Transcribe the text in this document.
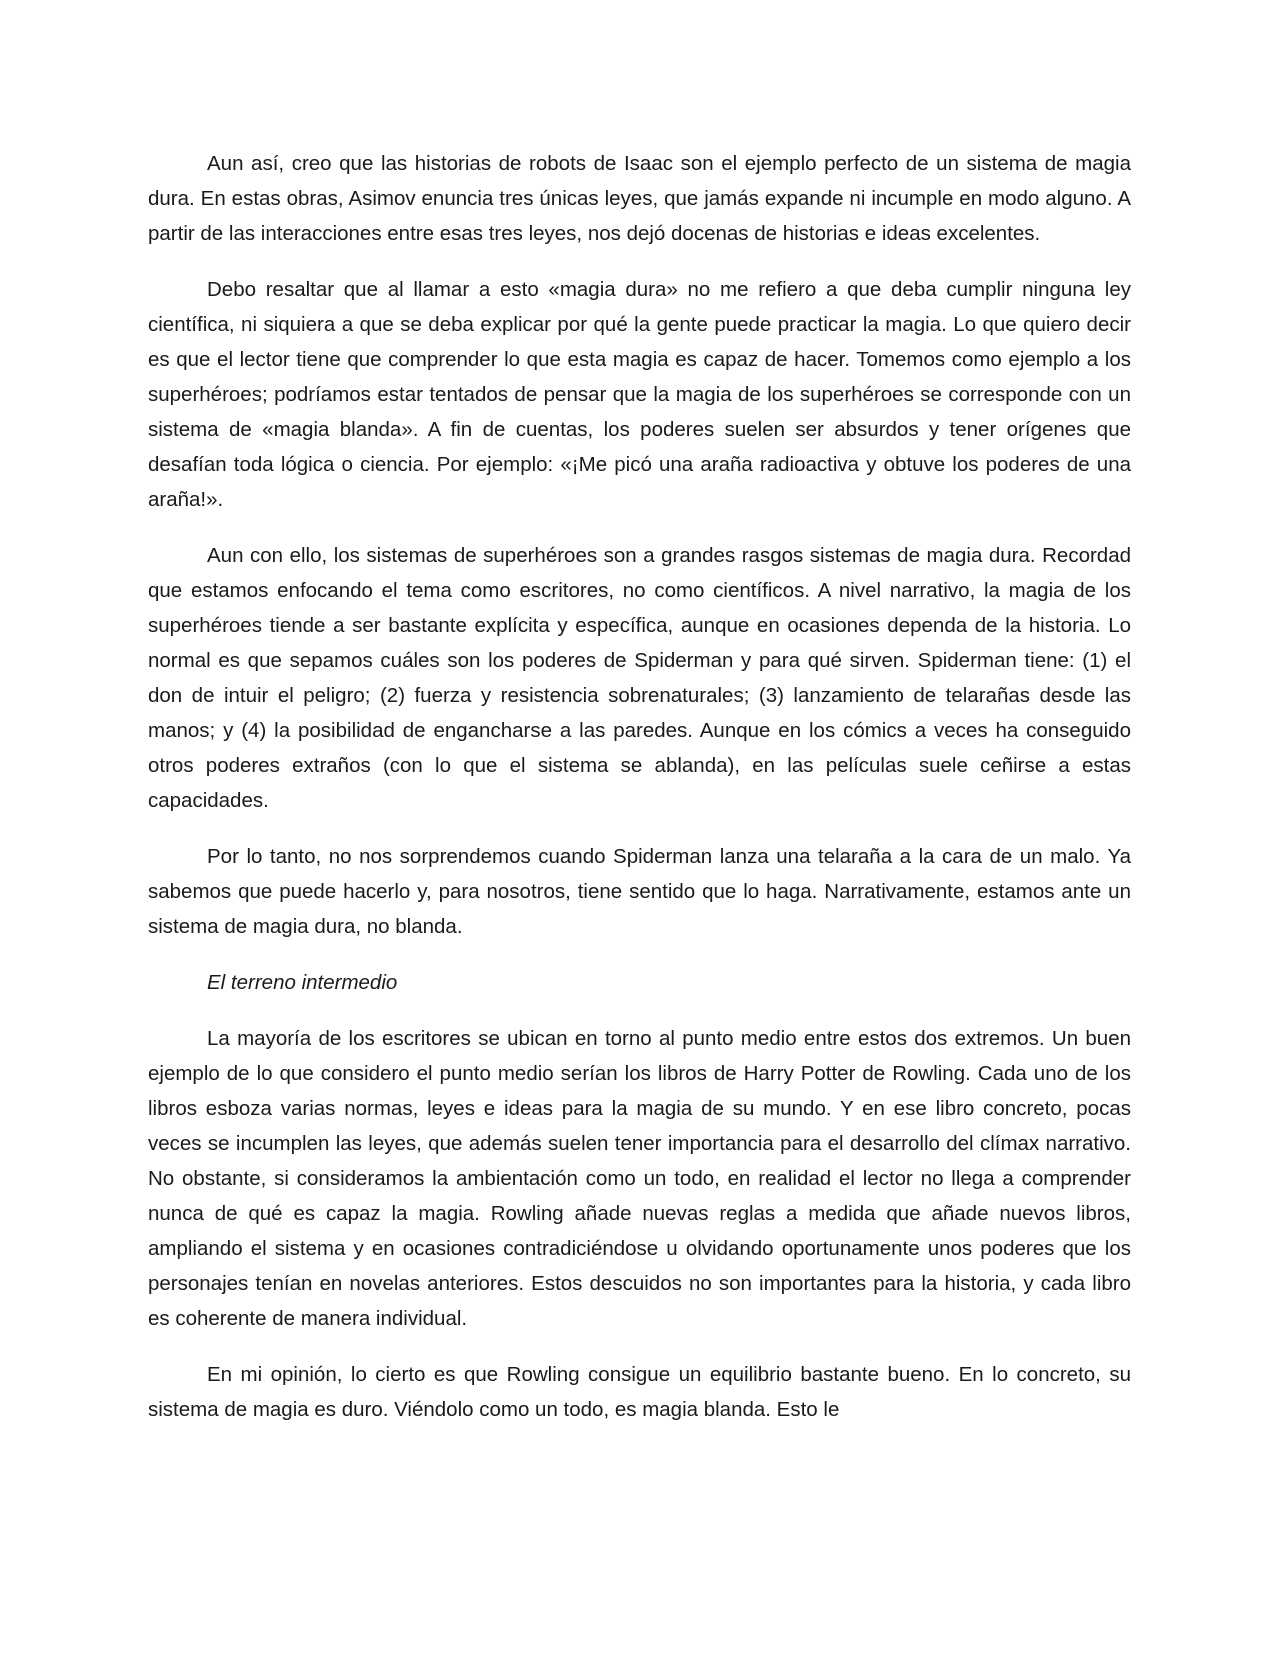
Aun así, creo que las historias de robots de Isaac son el ejemplo perfecto de un sistema de magia dura. En estas obras, Asimov enuncia tres únicas leyes, que jamás expande ni incumple en modo alguno. A partir de las interacciones entre esas tres leyes, nos dejó docenas de historias e ideas excelentes.

Debo resaltar que al llamar a esto «magia dura» no me refiero a que deba cumplir ninguna ley científica, ni siquiera a que se deba explicar por qué la gente puede practicar la magia. Lo que quiero decir es que el lector tiene que comprender lo que esta magia es capaz de hacer. Tomemos como ejemplo a los superhéroes; podríamos estar tentados de pensar que la magia de los superhéroes se corresponde con un sistema de «magia blanda». A fin de cuentas, los poderes suelen ser absurdos y tener orígenes que desafían toda lógica o ciencia. Por ejemplo: «¡Me picó una araña radioactiva y obtuve los poderes de una araña!».

Aun con ello, los sistemas de superhéroes son a grandes rasgos sistemas de magia dura. Recordad que estamos enfocando el tema como escritores, no como científicos. A nivel narrativo, la magia de los superhéroes tiende a ser bastante explícita y específica, aunque en ocasiones dependa de la historia. Lo normal es que sepamos cuáles son los poderes de Spiderman y para qué sirven. Spiderman tiene: (1) el don de intuir el peligro; (2) fuerza y resistencia sobrenaturales; (3) lanzamiento de telarañas desde las manos; y (4) la posibilidad de engancharse a las paredes. Aunque en los cómics a veces ha conseguido otros poderes extraños (con lo que el sistema se ablanda), en las películas suele ceñirse a estas capacidades.

Por lo tanto, no nos sorprendemos cuando Spiderman lanza una telaraña a la cara de un malo. Ya sabemos que puede hacerlo y, para nosotros, tiene sentido que lo haga. Narrativamente, estamos ante un sistema de magia dura, no blanda.

El terreno intermedio

La mayoría de los escritores se ubican en torno al punto medio entre estos dos extremos. Un buen ejemplo de lo que considero el punto medio serían los libros de Harry Potter de Rowling. Cada uno de los libros esboza varias normas, leyes e ideas para la magia de su mundo. Y en ese libro concreto, pocas veces se incumplen las leyes, que además suelen tener importancia para el desarrollo del clímax narrativo. No obstante, si consideramos la ambientación como un todo, en realidad el lector no llega a comprender nunca de qué es capaz la magia. Rowling añade nuevas reglas a medida que añade nuevos libros, ampliando el sistema y en ocasiones contradiciéndose u olvidando oportunamente unos poderes que los personajes tenían en novelas anteriores. Estos descuidos no son importantes para la historia, y cada libro es coherente de manera individual.

En mi opinión, lo cierto es que Rowling consigue un equilibrio bastante bueno. En lo concreto, su sistema de magia es duro. Viéndolo como un todo, es magia blanda. Esto le
